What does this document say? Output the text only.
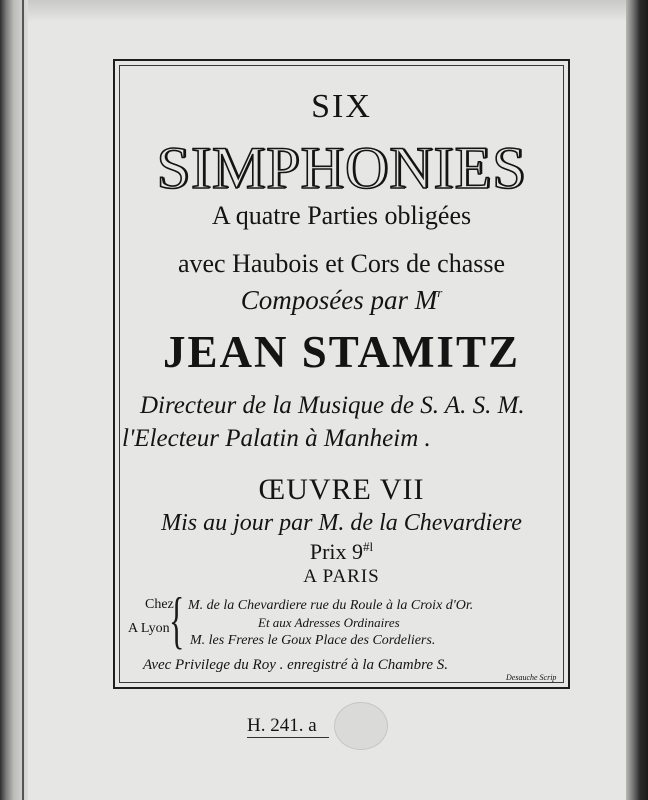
SIX
SIMPHONIES
A quatre Parties obligées
avec Haubois et Cors de chasse
Composées par $M^r$
JEAN STAMITZ
Directeur de la Musique de S. A. S. M.
l'Electeur Palatin à Manheim .
ŒUVRE VII
Mis au jour par M. de la Chevardiere
Prix 9$^{\#l}$
A PARIS
Chez
A Lyon { M. de la Chevardiere rue du Roule à la Croix d'Or.
Et aux Adresses Ordinaires
M. les Freres le Goux Place des Cordeliers.
Avec Privilege du Roy . enregistré à la Chambre S.
Desauche Scrip
H. 241. a
